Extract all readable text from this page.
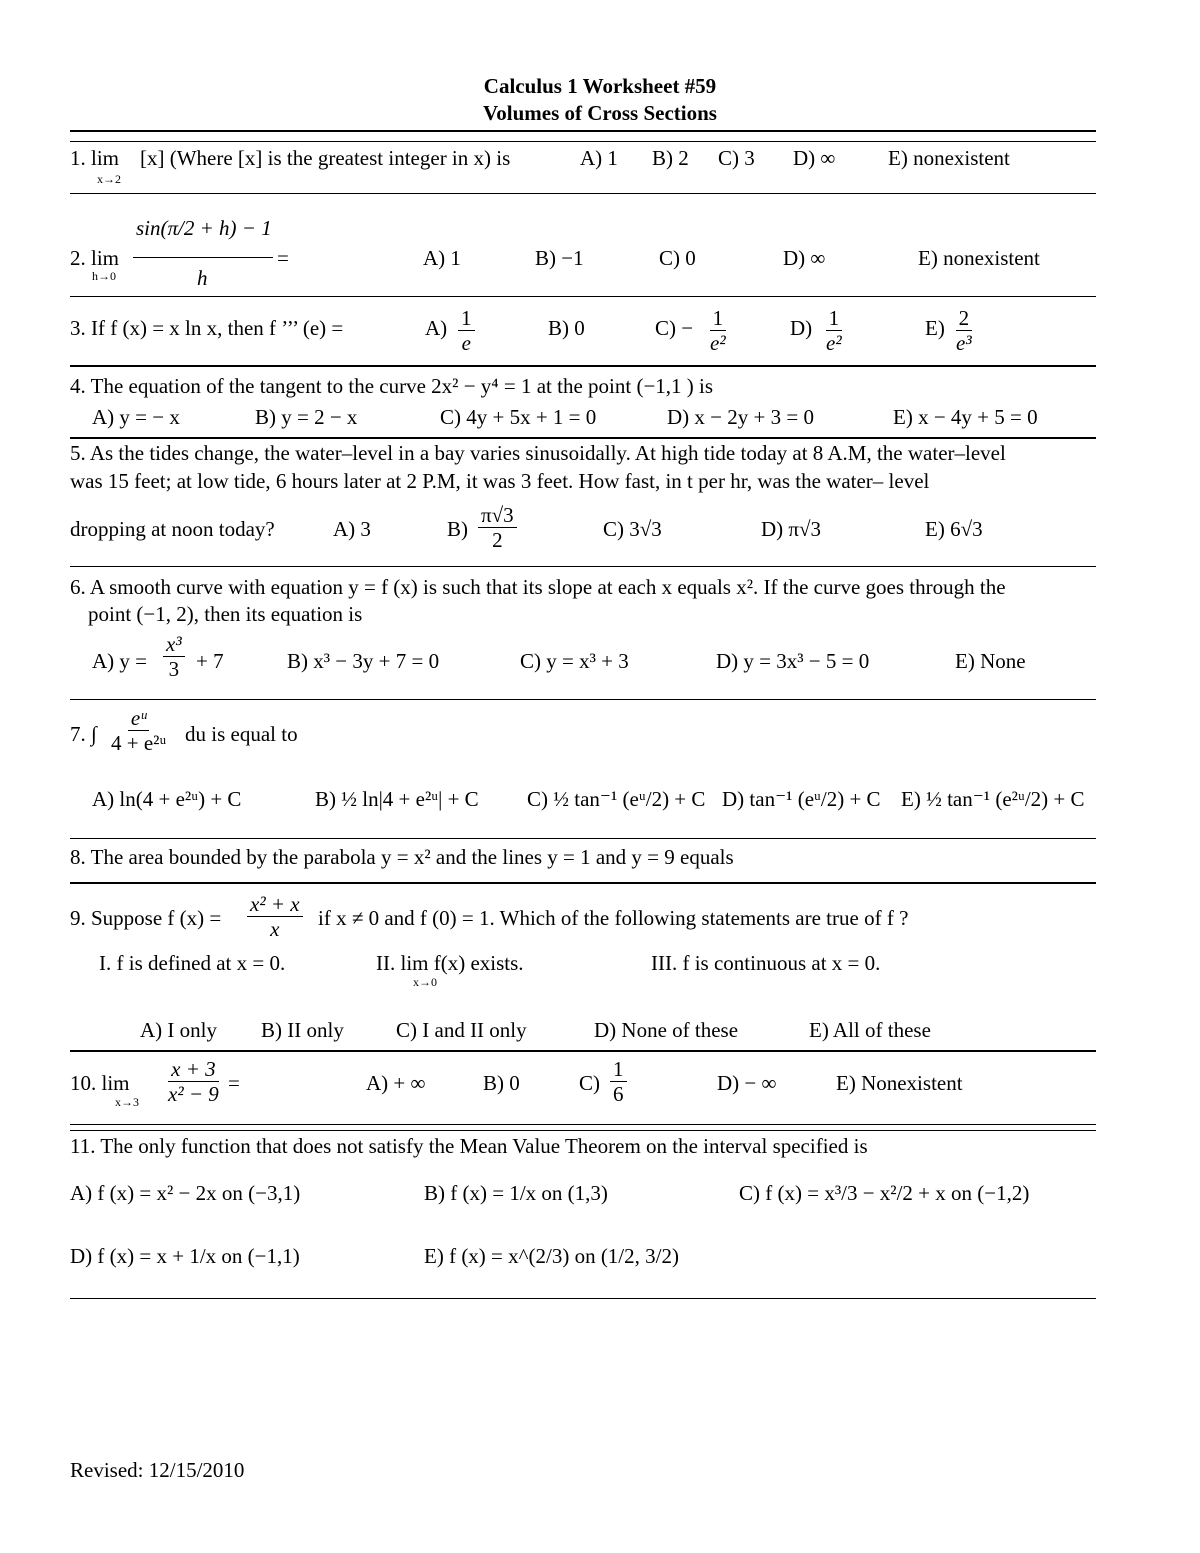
Calculus 1 Worksheet #59
Volumes of Cross Sections
1. lim
x→2
[x] (Where [x] is the greatest integer in x) is	A) 1 B) 2 C) 3 D) ∞	E) nonexistent
2. lim
h→0
sin(π/2 + h) − 1
h
=	A) 1	B) −1	C) 0	D) ∞	E) nonexistent
3. If f (x) = x ln x, then f ’’’ (e) =	$A) \frac{1}{e}$	B) 0	$C) - \frac{1}{\text{e²}}$	$D) \frac{1}{\text{e²}}$	$E) \frac{2}{\text{e³}}$
4. The equation of the tangent to the curve 2x² − y⁴ = 1 at the point (−1,1 ) is
A) y = − x	B) y = 2 − x	C) 4y + 5x + 1 = 0	D) x − 2y + 3 = 0	E) x − 4y + 5 = 0
5. As the tides change, the water–level in a bay varies sinusoidally. At high tide today at 8 A.M, the water–level
was 15 feet; at low tide, 6 hours later at 2 P.M, it was 3 feet. How fast, in t per hr, was the water– level
dropping at noon today?	A) 3	$B) \frac{\pi√3}{2}$	C) 3√3	D) π√3	E) 6√3
6. A smooth curve with equation y = f (x) is such that its slope at each x equals x². If the curve goes through the
point (−1, 2), then its equation is
A) $y = \frac{\text{x³}}{3} + 7$	B) x³ − 3y + 7 = 0	C) y = x³ + 3	D) y = 3x³ − 5 = 0	E) None
7. ∫ $\frac{\text{eᵘ}}{\text{4 + e²ᵘ}}$ du is equal to
A) ln(4 + e²ᵘ) + C	B) ½ ln|4 + e²ᵘ| + C C) ½ tan⁻¹ (eᵘ/2) + C D) tan⁻¹ (eᵘ/2) + C E) ½ tan⁻¹ (e²ᵘ/2) + C
8. The area bounded by the parabola y = x² and the lines y = 1 and y = 9 equals
9. Suppose f $(x) = \frac{\text{x² + x}}{x}$ if x ≠ 0 and f (0) = 1. Which of the following statements are true of f ?
I. f is defined at x = 0.	II. lim f(x) exists.
x→0
III. f is continuous at x = 0.
A) I only B) II only C) I and II only	D) None of these	E) All of these
10. lim
$x\to 3 \frac{x + 3}{\text{x² − 9}}$ =	A) + ∞	B) 0	$C) \frac{1}{6}$	D) − ∞	E) Nonexistent
11. The only function that does not satisfy the Mean Value Theorem on the interval specified is
A) f (x) = x² − 2x on (−3,1)	B) f (x) = 1/x on (1,3)	C) f (x) = x³/3 − x²/2 + x on (−1,2)
D) f (x) = x + 1/x on (−1,1)	E) f (x) = x^(2/3) on (1/2, 3/2)
Revised: 12/15/2010
